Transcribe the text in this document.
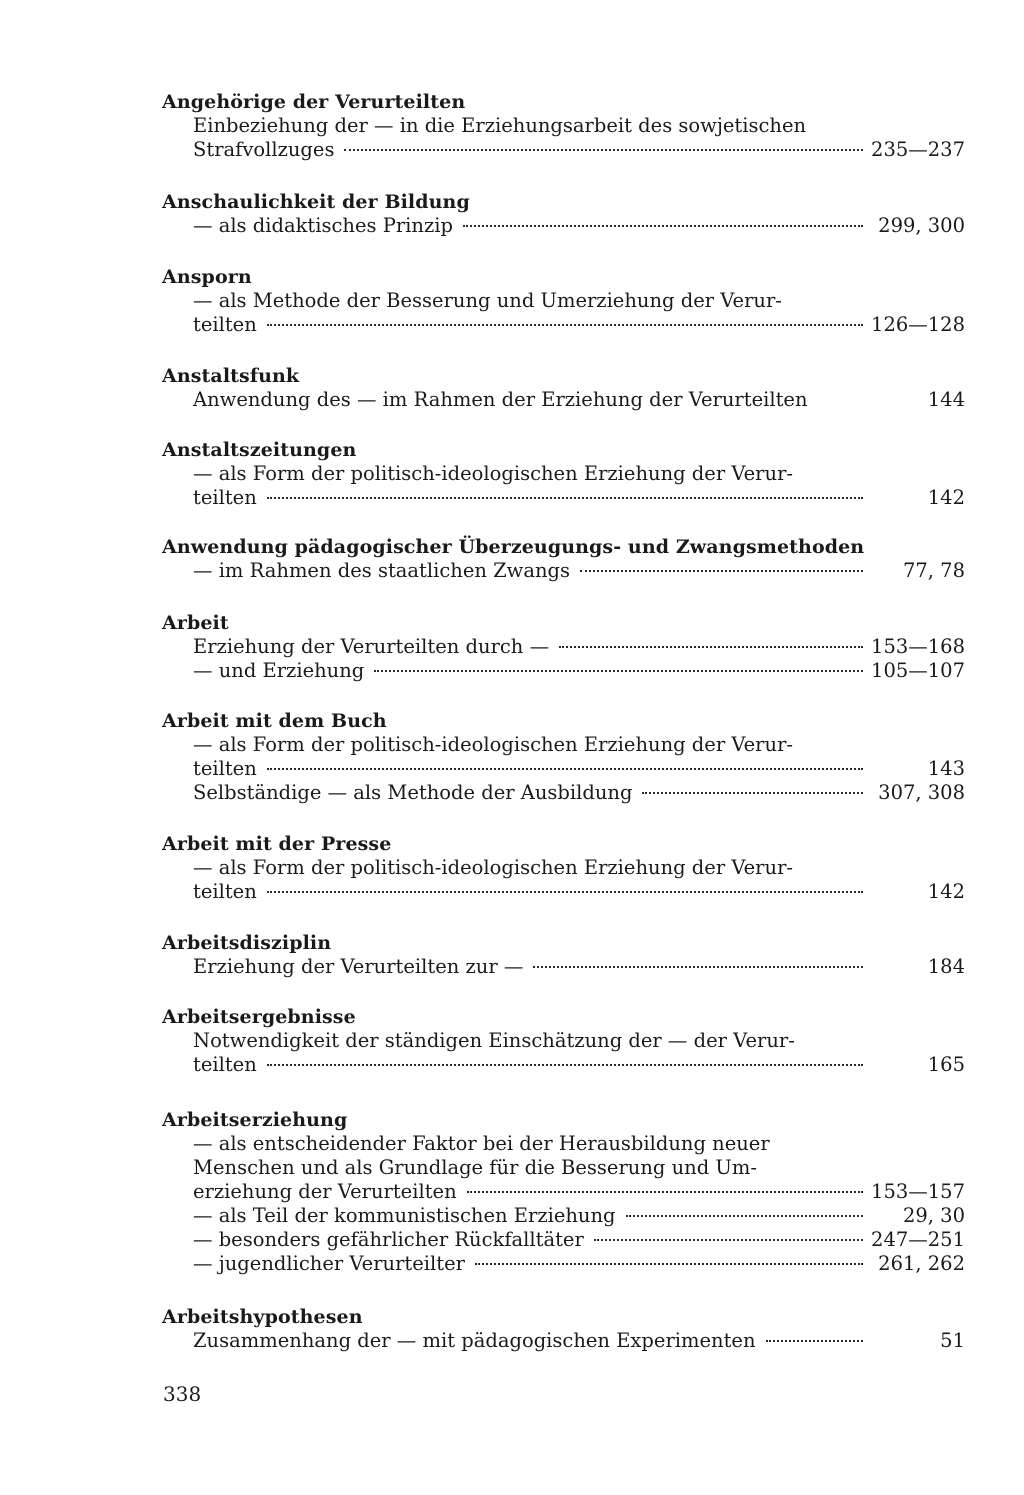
Angehörige der Verurteilten
Einbeziehung der — in die Erziehungsarbeit des sowjetischen
Strafvollzuges	235—237
Anschaulichkeit der Bildung
— als didaktisches Prinzip	299, 300
Ansporn
— als Methode der Besserung und Umerziehung der Verur-
teilten	126—128
Anstaltsfunk
Anwendung des — im Rahmen der Erziehung der Verurteilten	144
Anstaltszeitungen
— als Form der politisch-ideologischen Erziehung der Verur-
teilten	142
Anwendung pädagogischer Überzeugungs- und Zwangsmethoden
— im Rahmen des staatlichen Zwangs	77, 78
Arbeit
Erziehung der Verurteilten durch —	153—168
— und Erziehung	105—107
Arbeit mit dem Buch
— als Form der politisch-ideologischen Erziehung der Verur-
teilten	143
Selbständige — als Methode der Ausbildung	307, 308
Arbeit mit der Presse
— als Form der politisch-ideologischen Erziehung der Verur-
teilten	142
Arbeitsdisziplin
Erziehung der Verurteilten zur —	184
Arbeitsergebnisse
Notwendigkeit der ständigen Einschätzung der — der Verur-
teilten	165
Arbeitserziehung
— als entscheidender Faktor bei der Herausbildung neuer
Menschen und als Grundlage für die Besserung und Um-
erziehung der Verurteilten	153—157
— als Teil der kommunistischen Erziehung	29, 30
— besonders gefährlicher Rückfalltäter	247—251
— jugendlicher Verurteilter	261, 262
Arbeitshypothesen
Zusammenhang der — mit pädagogischen Experimenten	51
338
